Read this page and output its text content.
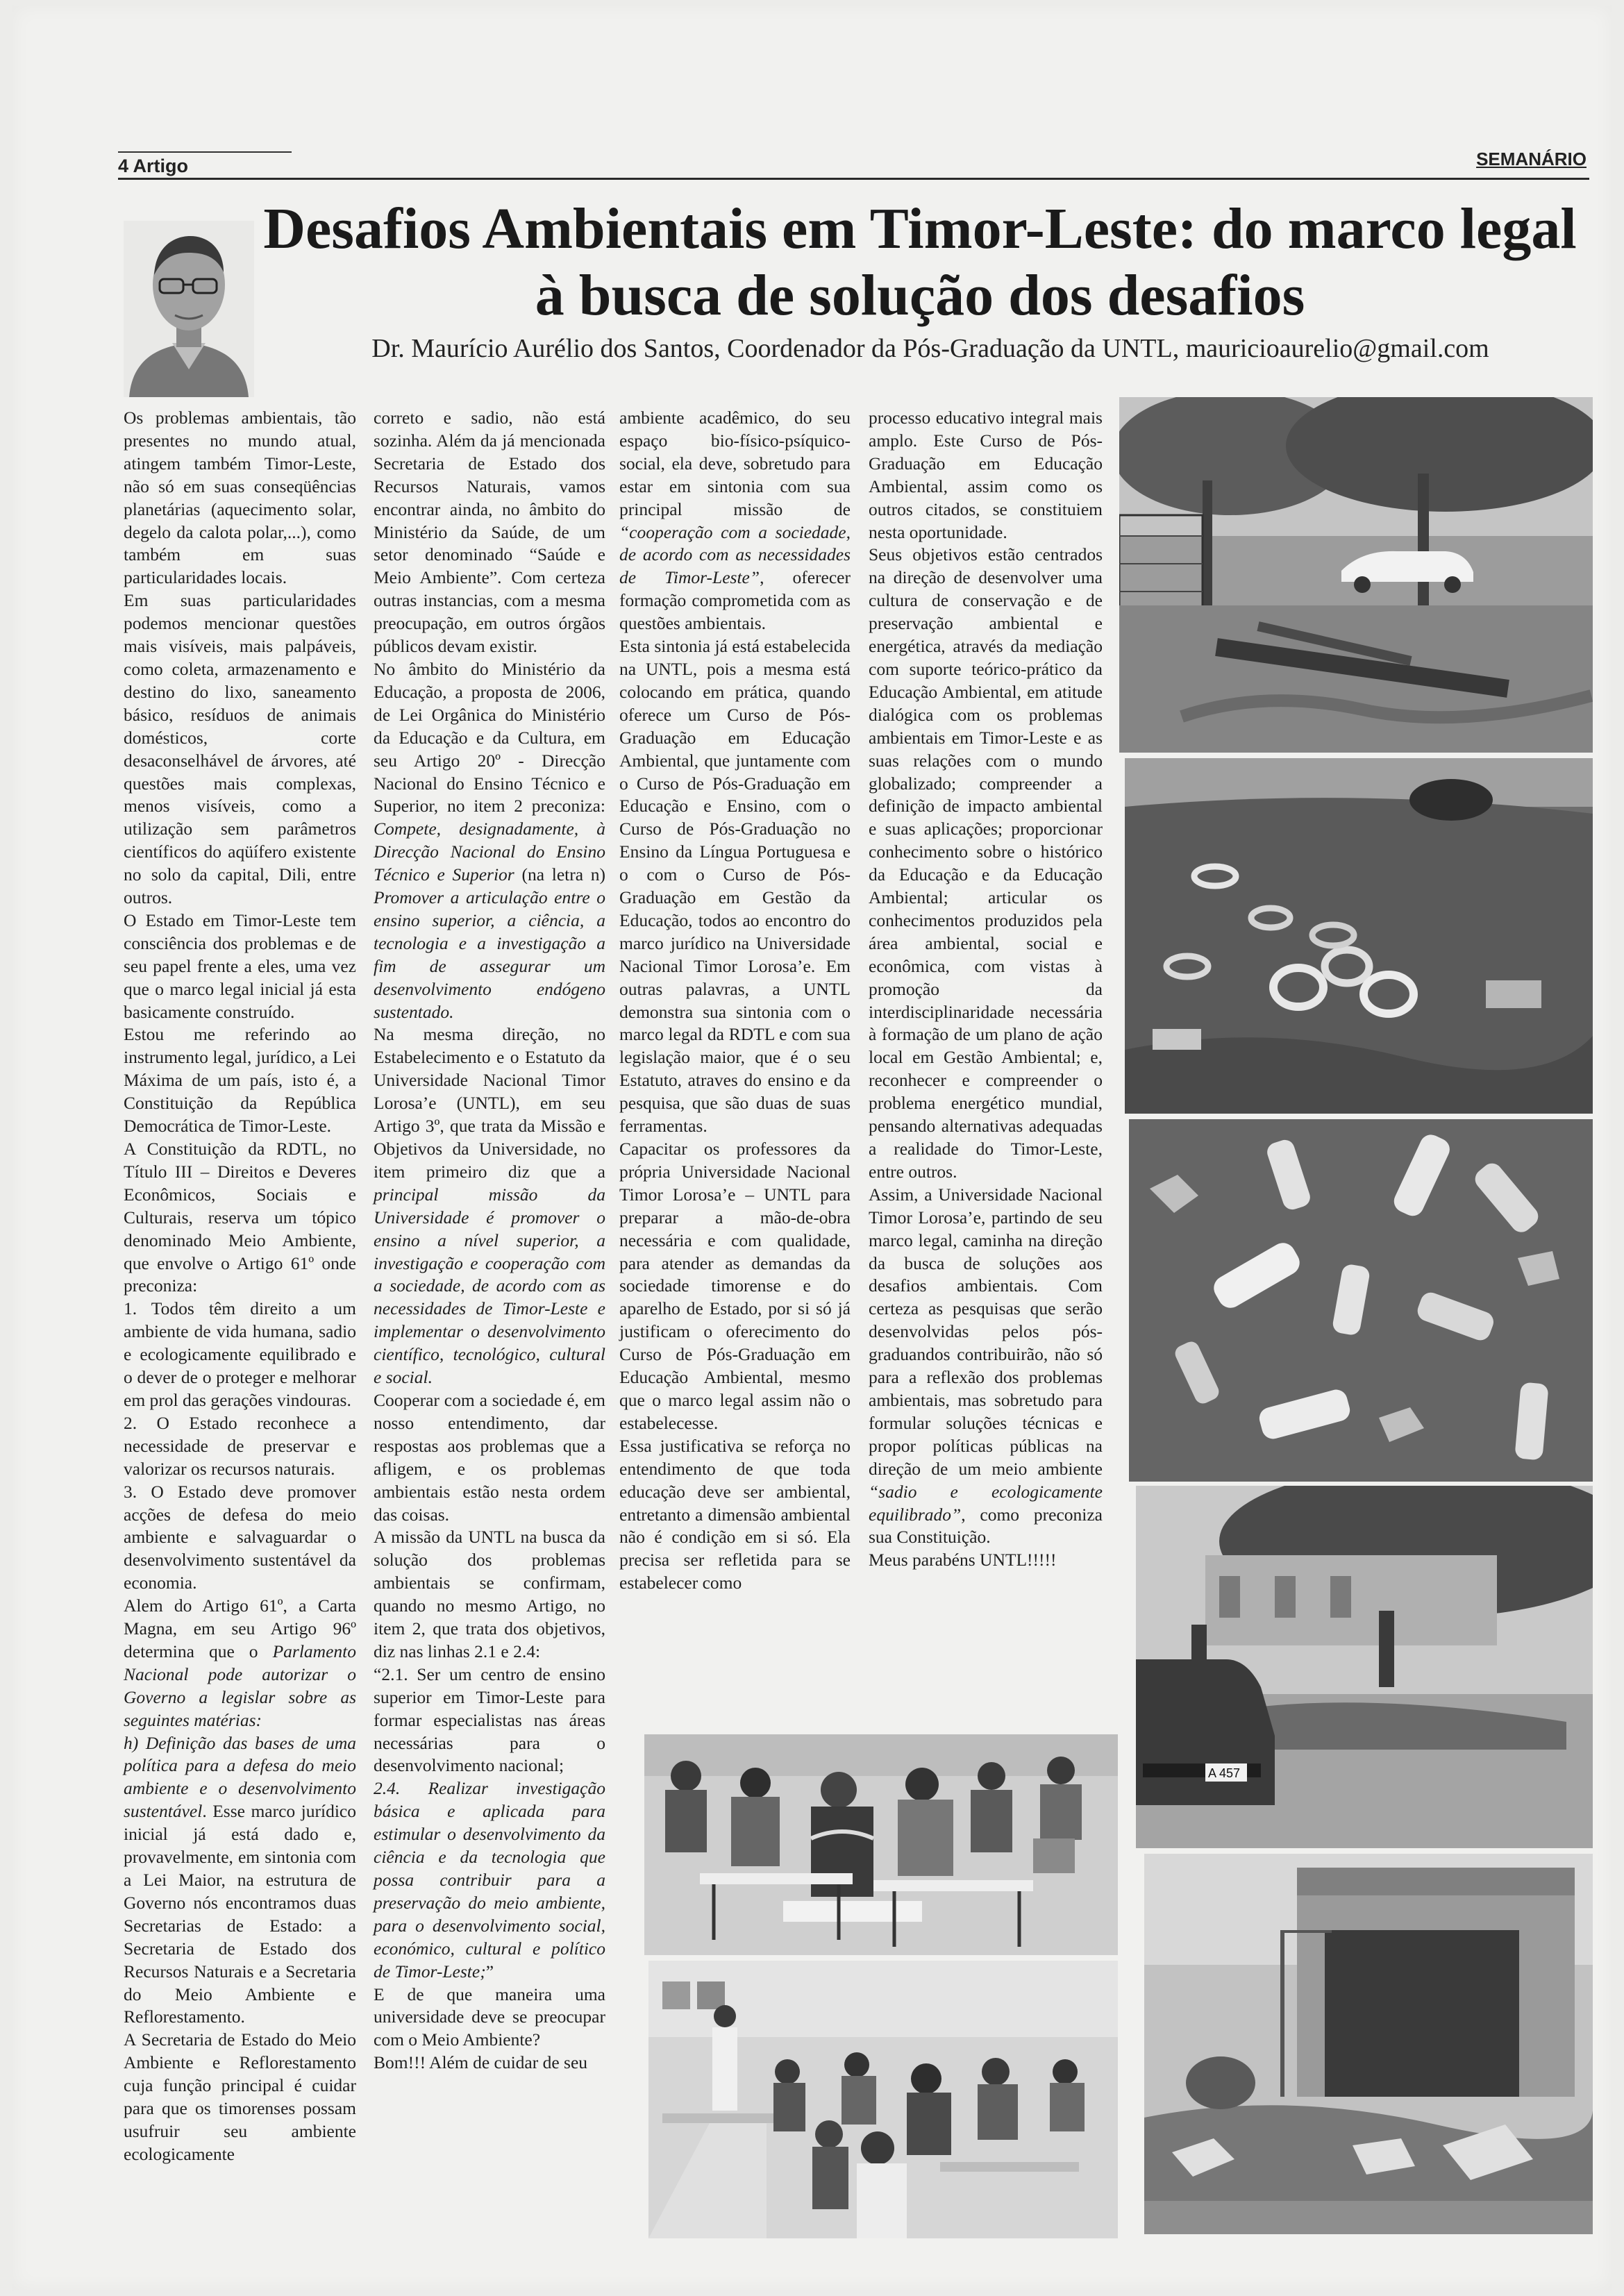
4 Artigo	SEMANÁRIO
Desafios Ambientais em Timor-Leste: do marco legal à busca de solução dos desafios
Dr. Maurício Aurélio dos Santos, Coordenador da Pós-Graduação da UNTL, mauricioaurelio@gmail.com

Os problemas ambientais, tão presentes no mundo atual, atingem também Timor-Leste, não só em suas conseqüências planetárias (aquecimento solar, degelo da calota polar,...), como também em suas particularidades locais.

Em suas particularidades podemos mencionar questões mais visíveis, mais palpáveis, como coleta, armazenamento e destino do lixo, saneamento básico, resíduos de animais domésticos, corte desaconselhável de árvores, até questões mais complexas, menos visíveis, como a utilização sem parâmetros científicos do aqüífero existente no solo da capital, Dili, entre outros.

O Estado em Timor-Leste tem consciência dos problemas e de seu papel frente a eles, uma vez que o marco legal inicial já esta basicamente construído.

Estou me referindo ao instrumento legal, jurídico, a Lei Máxima de um país, isto é, a Constituição da República Democrática de Timor-Leste.

A Constituição da RDTL, no Título III – Direitos e Deveres Econômicos, Sociais e Culturais, reserva um tópico denominado Meio Ambiente, que envolve o Artigo 61º onde preconiza:

1. Todos têm direito a um ambiente de vida humana, sadio e ecologicamente equilibrado e o dever de o proteger e melhorar em prol das gerações vindouras.

2. O Estado reconhece a necessidade de preservar e valorizar os recursos naturais.

3. O Estado deve promover acções de defesa do meio ambiente e salvaguardar o desenvolvimento sustentável da economia.

Alem do Artigo 61º, a Carta Magna, em seu Artigo 96º determina que o Parlamento Nacional pode autorizar o Governo a legislar sobre as seguintes matérias:

h) Definição das bases de uma política para a defesa do meio ambiente e o desenvolvimento sustentável. Esse marco jurídico inicial já está dado e, provavelmente, em sintonia com a Lei Maior, na estrutura de Governo nós encontramos duas Secretarias de Estado: a Secretaria de Estado dos Recursos Naturais e a Secretaria do Meio Ambiente e Reflorestamento.

A Secretaria de Estado do Meio Ambiente e Reflorestamento cuja função principal é cuidar para que os timorenses possam usufruir seu ambiente ecologicamente

correto e sadio, não está sozinha. Além da já mencionada Secretaria de Estado dos Recursos Naturais, vamos encontrar ainda, no âmbito do Ministério da Saúde, de um setor denominado “Saúde e Meio Ambiente”. Com certeza outras instancias, com a mesma preocupação, em outros órgãos públicos devam existir.

No âmbito do Ministério da Educação, a proposta de 2006, de Lei Orgânica do Ministério da Educação e da Cultura, em seu Artigo 20º - Direcção Nacional do Ensino Técnico e Superior, no item 2 preconiza: Compete, designadamente, à Direcção Nacional do Ensino Técnico e Superior (na letra n) Promover a articulação entre o ensino superior, a ciência, a tecnologia e a investigação a fim de assegurar um desenvolvimento endógeno sustentado.

Na mesma direção, no Estabelecimento e o Estatuto da Universidade Nacional Timor Lorosa’e (UNTL), em seu Artigo 3º, que trata da Missão e Objetivos da Universidade, no item primeiro diz que a principal missão da Universidade é promover o ensino a nível superior, a investigação e cooperação com a sociedade, de acordo com as necessidades de Timor-Leste e implementar o desenvolvimento científico, tecnológico, cultural e social.

Cooperar com a sociedade é, em nosso entendimento, dar respostas aos problemas que a afligem, e os problemas ambientais estão nesta ordem das coisas.

A missão da UNTL na busca da solução dos problemas ambientais se confirmam, quando no mesmo Artigo, no item 2, que trata dos objetivos, diz nas linhas 2.1 e 2.4:

“2.1. Ser um centro de ensino superior em Timor-Leste para formar especialistas nas áreas necessárias para o desenvolvimento nacional;

2.4. Realizar investigação básica e aplicada para estimular o desenvolvimento da ciência e da tecnologia que possa contribuir para a preservação do meio ambiente, para o desenvolvimento social, económico, cultural e político de Timor-Leste;”

E de que maneira uma universidade deve se preocupar com o Meio Ambiente?

Bom!!! Além de cuidar de seu

ambiente acadêmico, do seu espaço bio-físico-psíquico-social, ela deve, sobretudo para estar em sintonia com sua principal missão de “cooperação com a sociedade, de acordo com as necessidades de Timor-Leste”, oferecer formação comprometida com as questões ambientais.

Esta sintonia já está estabelecida na UNTL, pois a mesma está colocando em prática, quando oferece um Curso de Pós-Graduação em Educação Ambiental, que juntamente com o Curso de Pós-Graduação em Educação e Ensino, com o Curso de Pós-Graduação no Ensino da Língua Portuguesa e o com o Curso de Pós-Graduação em Gestão da Educação, todos ao encontro do marco jurídico na Universidade Nacional Timor Lorosa’e. Em outras palavras, a UNTL demonstra sua sintonia com o marco legal da RDTL e com sua legislação maior, que é o seu Estatuto, atraves do ensino e da pesquisa, que são duas de suas ferramentas.

Capacitar os professores da própria Universidade Nacional Timor Lorosa’e – UNTL para preparar a mão-de-obra necessária e com qualidade, para atender as demandas da sociedade timorense e do aparelho de Estado, por si só já justificam o oferecimento do Curso de Pós-Graduação em Educação Ambiental, mesmo que o marco legal assim não o estabelecesse.

Essa justificativa se reforça no entendimento de que toda educação deve ser ambiental, entretanto a dimensão ambiental não é condição em si só. Ela precisa ser refletida para se estabelecer como

processo educativo integral mais amplo. Este Curso de Pós-Graduação em Educação Ambiental, assim como os outros citados, se constituiem nesta oportunidade.

Seus objetivos estão centrados na direção de desenvolver uma cultura de conservação e de preservação ambiental e energética, através da mediação com suporte teórico-prático da Educação Ambiental, em atitude dialógica com os problemas ambientais em Timor-Leste e as suas relações com o mundo globalizado; compreender a definição de impacto ambiental e suas aplicações; proporcionar conhecimento sobre o histórico da Educação e da Educação Ambiental; articular os conhecimentos produzidos pela área ambiental, social e econômica, com vistas à promoção da interdisciplinaridade necessária à formação de um plano de ação local em Gestão Ambiental; e, reconhecer e compreender o problema energético mundial, pensando alternativas adequadas a realidade do Timor-Leste, entre outros.

Assim, a Universidade Nacional Timor Lorosa’e, partindo de seu marco legal, caminha na direção da busca de soluções aos desafios ambientais. Com certeza as pesquisas que serão desenvolvidas pelos pós-graduandos contribuirão, não só para a reflexão dos problemas ambientais, mas sobretudo para formular soluções técnicas e propor políticas públicas na direção de um meio ambiente “sadio e ecologicamente equilibrado”, como preconiza sua Constituição.

Meus parabéns UNTL!!!!!

A 457
